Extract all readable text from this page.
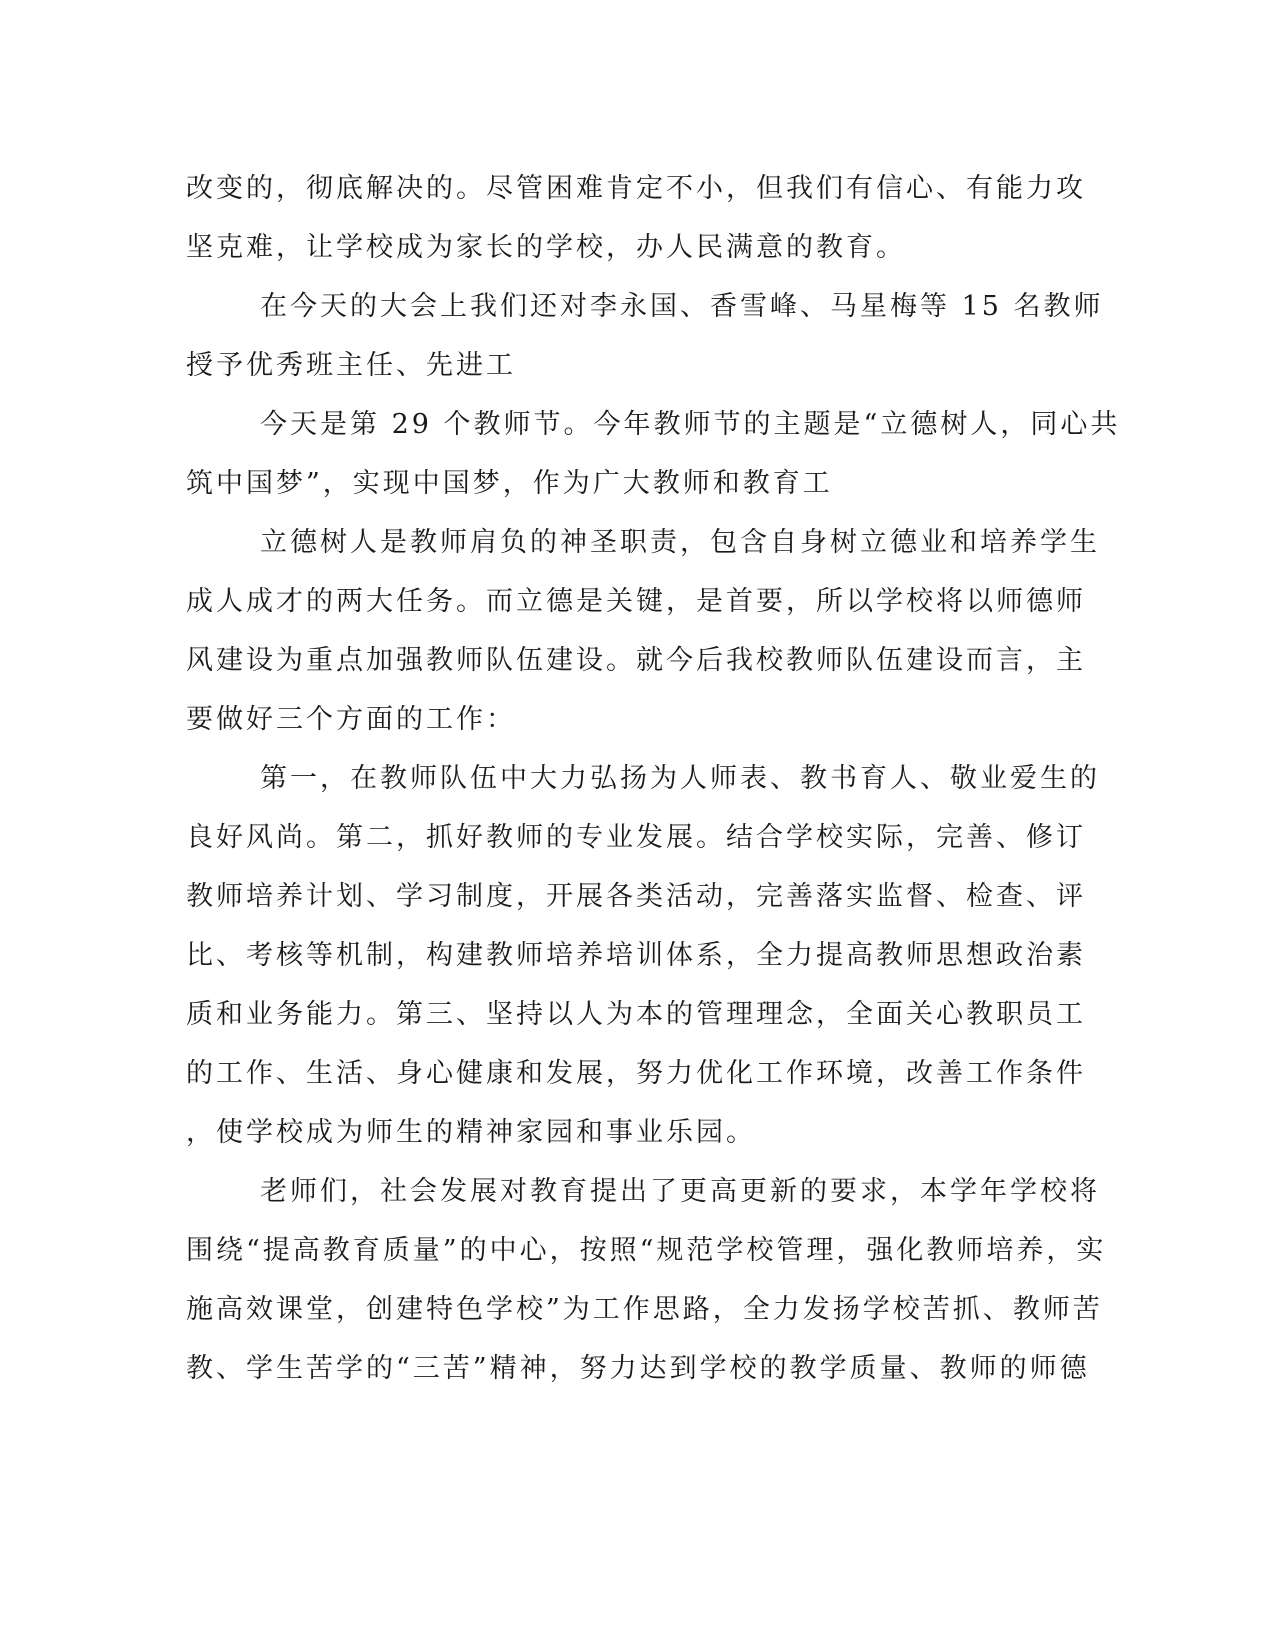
改变的，彻底解决的。尽管困难肯定不小，但我们有信心、有能力攻
坚克难，让学校成为家长的学校，办人民满意的教育。
在今天的大会上我们还对李永国、香雪峰、马星梅等 15 名教师
授予优秀班主任、先进工
今天是第 29 个教师节。今年教师节的主题是“立德树人，同心共
筑中国梦”，实现中国梦，作为广大教师和教育工
立德树人是教师肩负的神圣职责，包含自身树立德业和培养学生
成人成才的两大任务。而立德是关键，是首要，所以学校将以师德师
风建设为重点加强教师队伍建设。就今后我校教师队伍建设而言，主
要做好三个方面的工作：
第一，在教师队伍中大力弘扬为人师表、教书育人、敬业爱生的
良好风尚。第二，抓好教师的专业发展。结合学校实际，完善、修订
教师培养计划、学习制度，开展各类活动，完善落实监督、检查、评
比、考核等机制，构建教师培养培训体系，全力提高教师思想政治素
质和业务能力。第三、坚持以人为本的管理理念，全面关心教职员工
的工作、生活、身心健康和发展，努力优化工作环境，改善工作条件
，使学校成为师生的精神家园和事业乐园。
老师们，社会发展对教育提出了更高更新的要求，本学年学校将
围绕“提高教育质量”的中心，按照“规范学校管理，强化教师培养，实
施高效课堂，创建特色学校”为工作思路，全力发扬学校苦抓、教师苦
教、学生苦学的“三苦”精神，努力达到学校的教学质量、教师的师德
